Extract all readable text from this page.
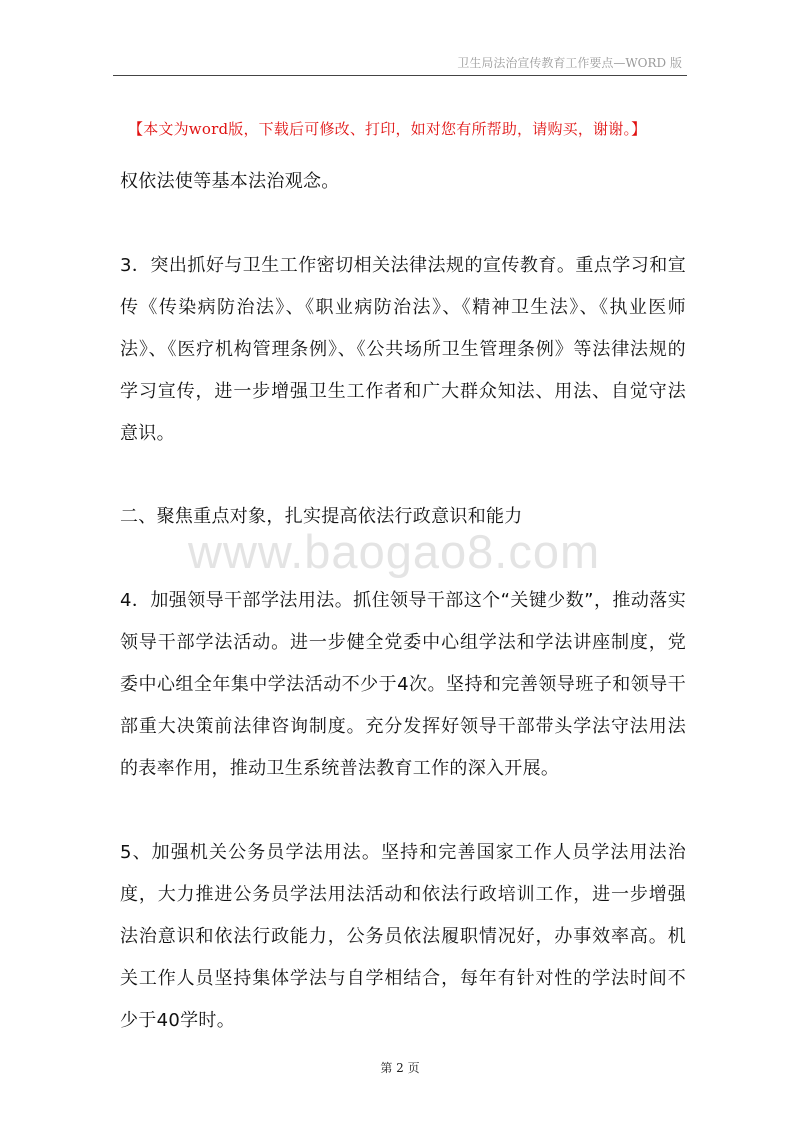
卫生局法治宣传教育工作要点—WORD 版
【本文为word版，下载后可修改、打印，如对您有所帮助，请购买，谢谢。】
权依法使等基本法治观念。
3．突出抓好与卫生工作密切相关法律法规的宣传教育。重点学习和宣传《传染病防治法》、《职业病防治法》、《精神卫生法》、《执业医师法》、《医疗机构管理条例》、《公共场所卫生管理条例》等法律法规的学习宣传，进一步增强卫生工作者和广大群众知法、用法、自觉守法意识。
二、聚焦重点对象，扎实提高依法行政意识和能力
www.baogao8.com
4．加强领导干部学法用法。抓住领导干部这个“关键少数”，推动落实领导干部学法活动。进一步健全党委中心组学法和学法讲座制度，党委中心组全年集中学法活动不少于4次。坚持和完善领导班子和领导干部重大决策前法律咨询制度。充分发挥好领导干部带头学法守法用法的表率作用，推动卫生系统普法教育工作的深入开展。
5、加强机关公务员学法用法。坚持和完善国家工作人员学法用法治度，大力推进公务员学法用法活动和依法行政培训工作，进一步增强法治意识和依法行政能力，公务员依法履职情况好，办事效率高。机关工作人员坚持集体学法与自学相结合，每年有针对性的学法时间不少于40学时。
第 2 页
